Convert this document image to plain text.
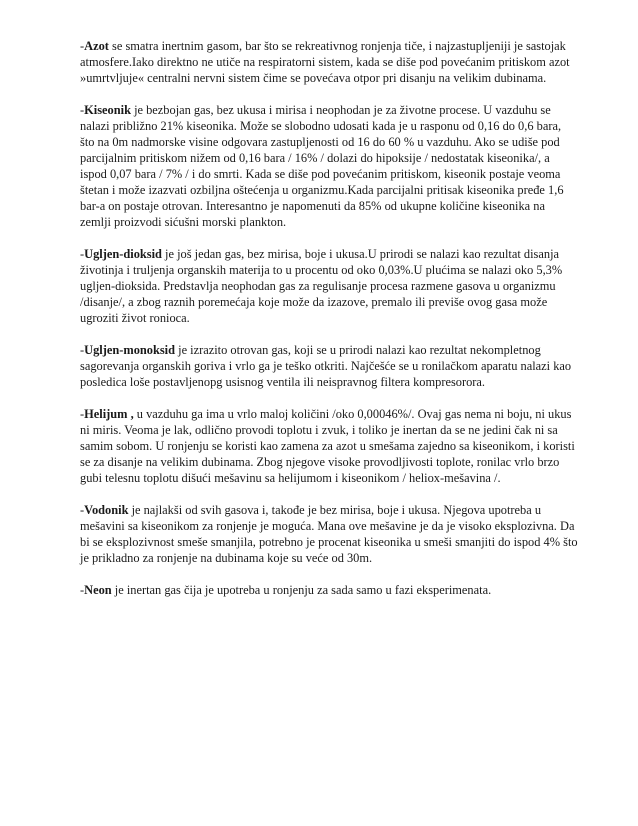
-Azot se smatra inertnim gasom, bar što se rekreativnog ronjenja tiče, i najzastupljeniji je sastojak atmosfere.Iako direktno ne utiče na respiratorni sistem, kada se diše pod povećanim pritiskom azot »umrtvljuje« centralni nervni sistem čime se povećava otpor pri disanju na velikim dubinama.

-Kiseonik je bezbojan gas, bez ukusa i mirisa i neophodan je za životne procese. U vazduhu se nalazi približno 21% kiseonika. Može se slobodno udosati kada je u rasponu od 0,16 do 0,6 bara, što na 0m nadmorske visine odgovara zastupljenosti od 16 do 60 % u vazduhu. Ako se udiše pod parcijalnim pritiskom nižem od 0,16 bara / 16% / dolazi do hipoksije / nedostatak kiseonika/, a ispod 0,07 bara / 7% / i do smrti. Kada se diše pod povećanim pritiskom, kiseonik postaje veoma štetan i može izazvati ozbiljna oštećenja u organizmu.Kada parcijalni pritisak kiseonika pređe 1,6 bar-a on postaje otrovan. Interesantno je napomenuti da 85% od ukupne količine kiseonika na zemlji proizvodi sićušni morski plankton.

-Ugljen-dioksid je još jedan gas, bez mirisa, boje i ukusa.U prirodi se nalazi kao rezultat disanja životinja i truljenja organskih materija to u procentu od oko 0,03%.U plućima se nalazi oko 5,3% ugljen-dioksida. Predstavlja neophodan gas za regulisanje procesa razmene gasova u organizmu /disanje/, a zbog raznih poremećaja koje može da izazove, premalo ili previše ovog gasa može ugroziti život ronioca.

-Ugljen-monoksid je izrazito otrovan gas, koji se u prirodi nalazi kao rezultat nekompletnog sagorevanja organskih goriva i vrlo ga je teško otkriti. Najčešće se u ronilačkom aparatu nalazi kao posledica loše postavljenopg usisnog ventila ili neispravnog filtera kompresorora.

-Helijum , u vazduhu ga ima u vrlo maloj količini /oko 0,00046%/. Ovaj gas nema ni boju, ni ukus ni miris. Veoma je lak, odlično provodi toplotu i zvuk, i toliko je inertan da se ne jedini čak ni sa samim sobom. U ronjenju se koristi kao zamena za azot u smešama zajedno sa kiseonikom, i koristi se za disanje na velikim dubinama. Zbog njegove visoke provodljivosti toplote, ronilac vrlo brzo gubi telesnu toplotu dišući mešavinu sa helijumom i kiseonikom / heliox-mešavina /.

-Vodonik je najlakši od svih gasova i, takođe je bez mirisa, boje i ukusa. Njegova upotreba u mešavini sa kiseonikom za ronjenje je moguća. Mana ove mešavine je da je visoko eksplozivna. Da bi se eksplozivnost smeše smanjila, potrebno je procenat kiseonika u smeši smanjiti do ispod 4% što je prikladno za ronjenje na dubinama koje su veće od 30m.

-Neon je inertan gas čija je upotreba u ronjenju za sada samo u fazi eksperimenata.
